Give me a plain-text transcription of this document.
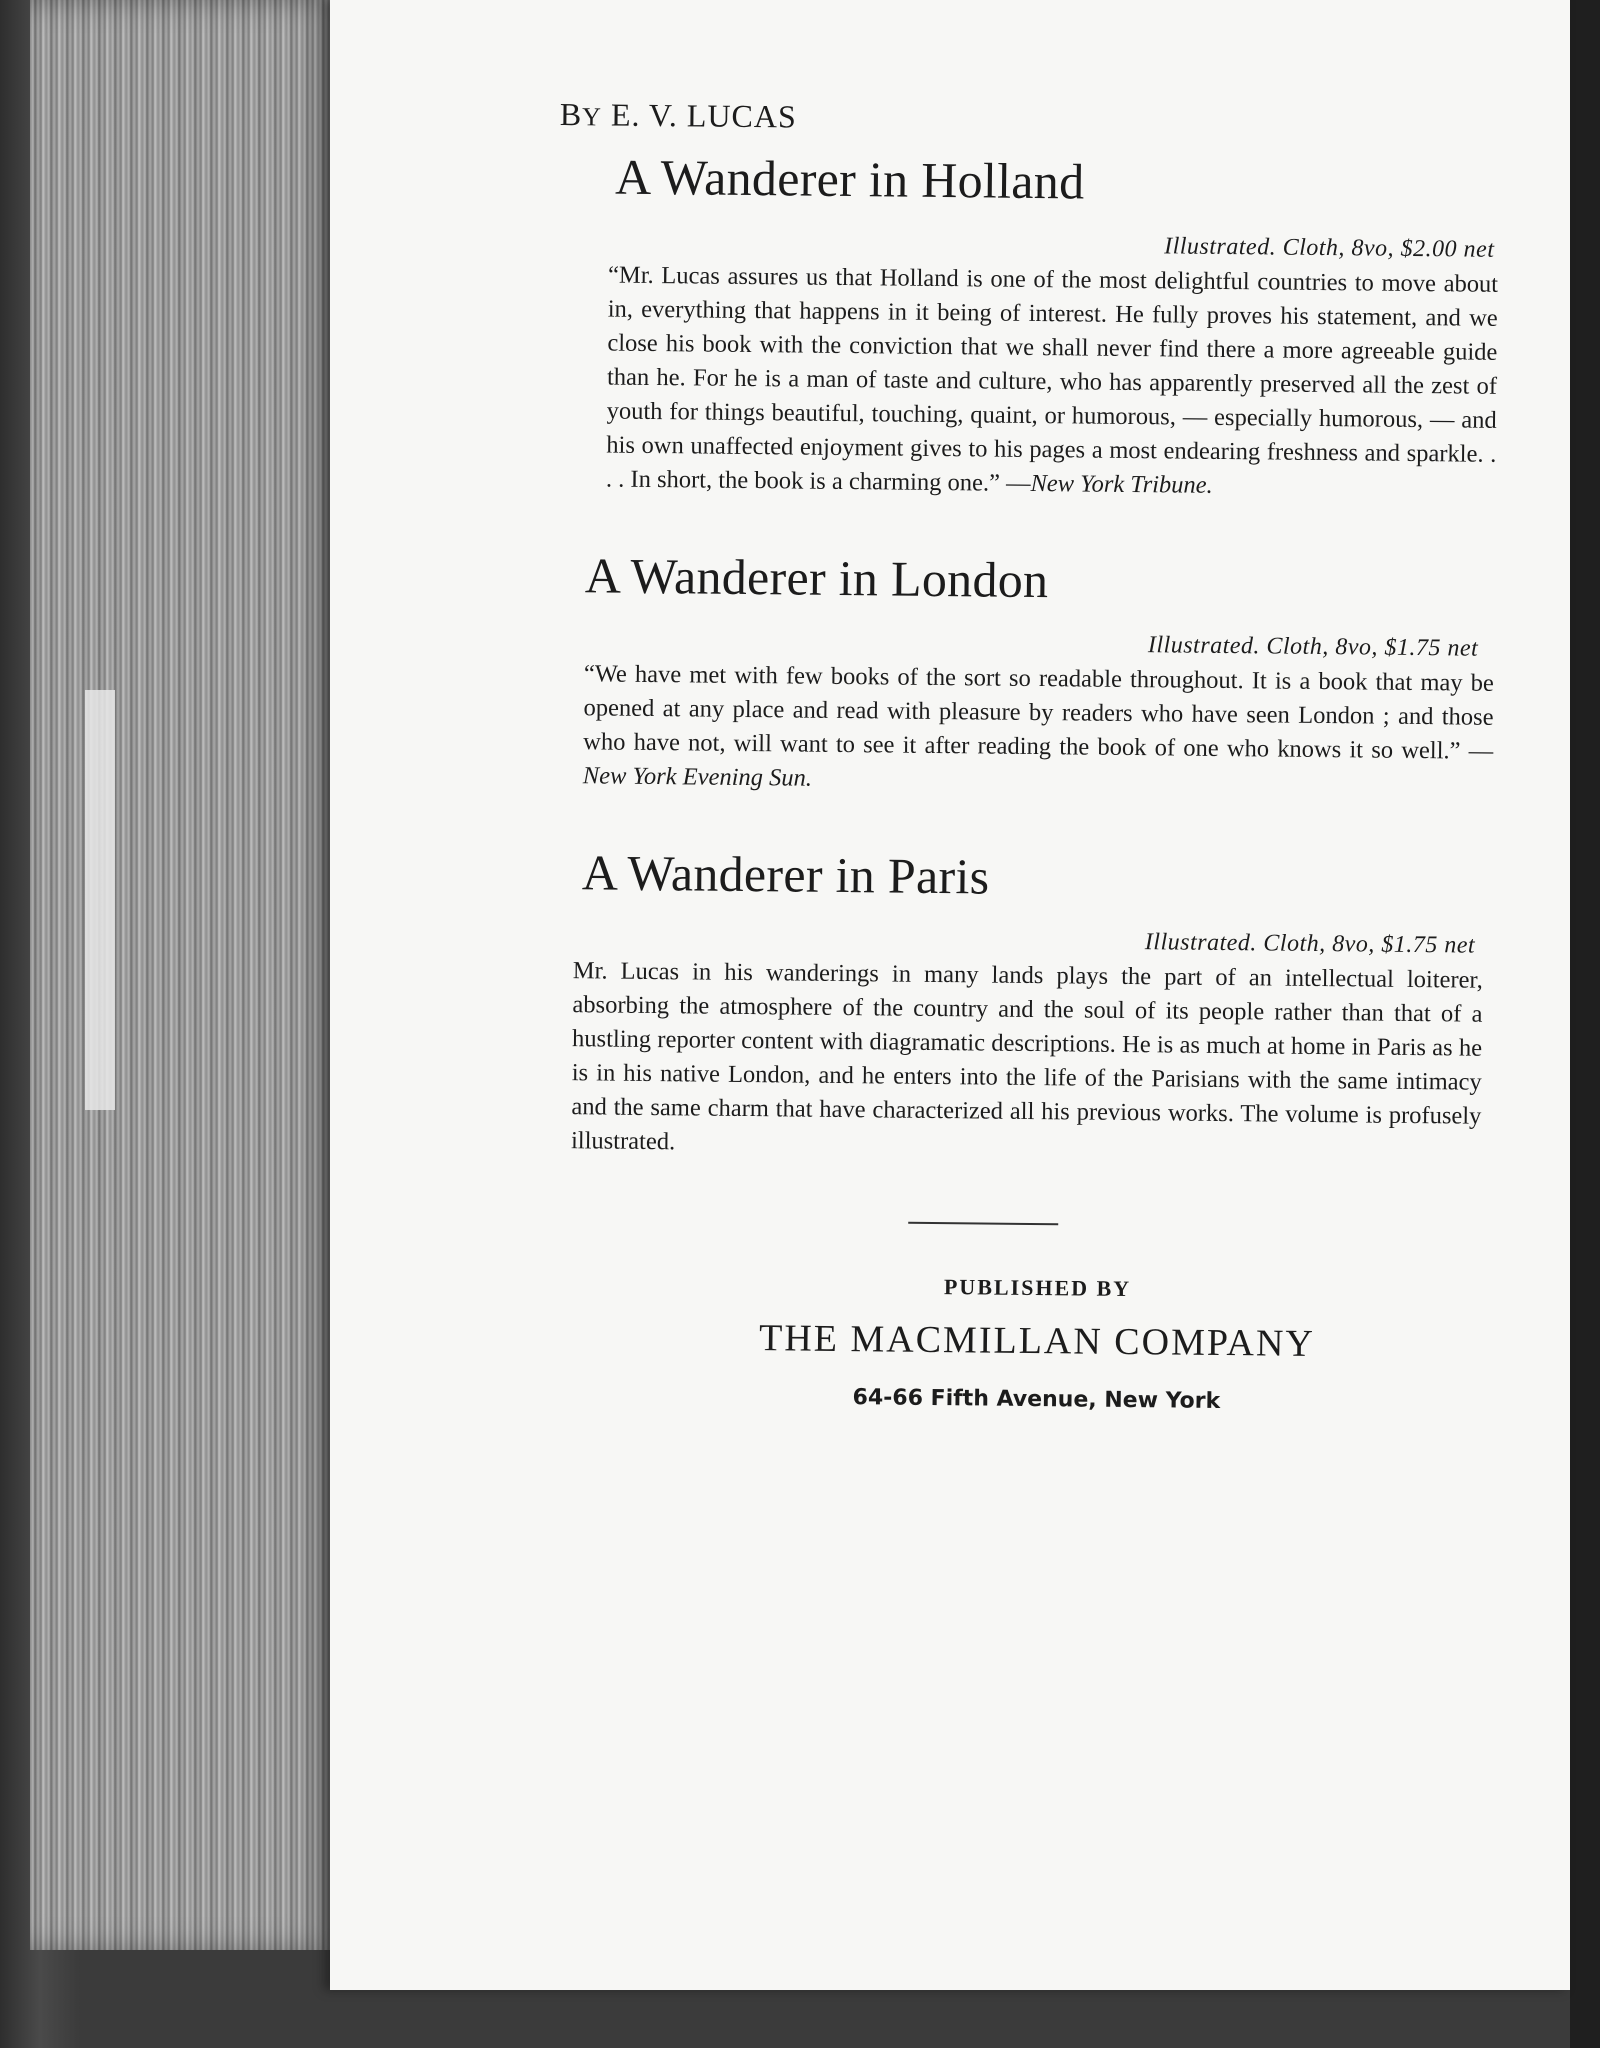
BY E. V. LUCAS
A Wanderer in Holland
Illustrated. Cloth, 8vo, $2.00 net

“Mr. Lucas assures us that Holland is one of the most delightful countries to move about in, everything that happens in it being of interest. He fully proves his statement, and we close his book with the conviction that we shall never find there a more agreeable guide than he. For he is a man of taste and culture, who has apparently preserved all the zest of youth for things beautiful, touching, quaint, or humorous, — especially humorous, — and his own unaffected enjoyment gives to his pages a most endearing freshness and sparkle. . . . In short, the book is a charming one.” —New York Tribune.

A Wanderer in London
Illustrated. Cloth, 8vo, $1.75 net

“We have met with few books of the sort so readable throughout. It is a book that may be opened at any place and read with pleasure by readers who have seen London ; and those who have not, will want to see it after reading the book of one who knows it so well.” —New York Evening Sun.

A Wanderer in Paris
Illustrated. Cloth, 8vo, $1.75 net

Mr. Lucas in his wanderings in many lands plays the part of an intellectual loiterer, absorbing the atmosphere of the country and the soul of its people rather than that of a hustling reporter content with diagramatic descriptions. He is as much at home in Paris as he is in his native London, and he enters into the life of the Parisians with the same intimacy and the same charm that have characterized all his previous works. The volume is profusely illustrated.

PUBLISHED BY
THE MACMILLAN COMPANY
64-66 Fifth Avenue, New York
